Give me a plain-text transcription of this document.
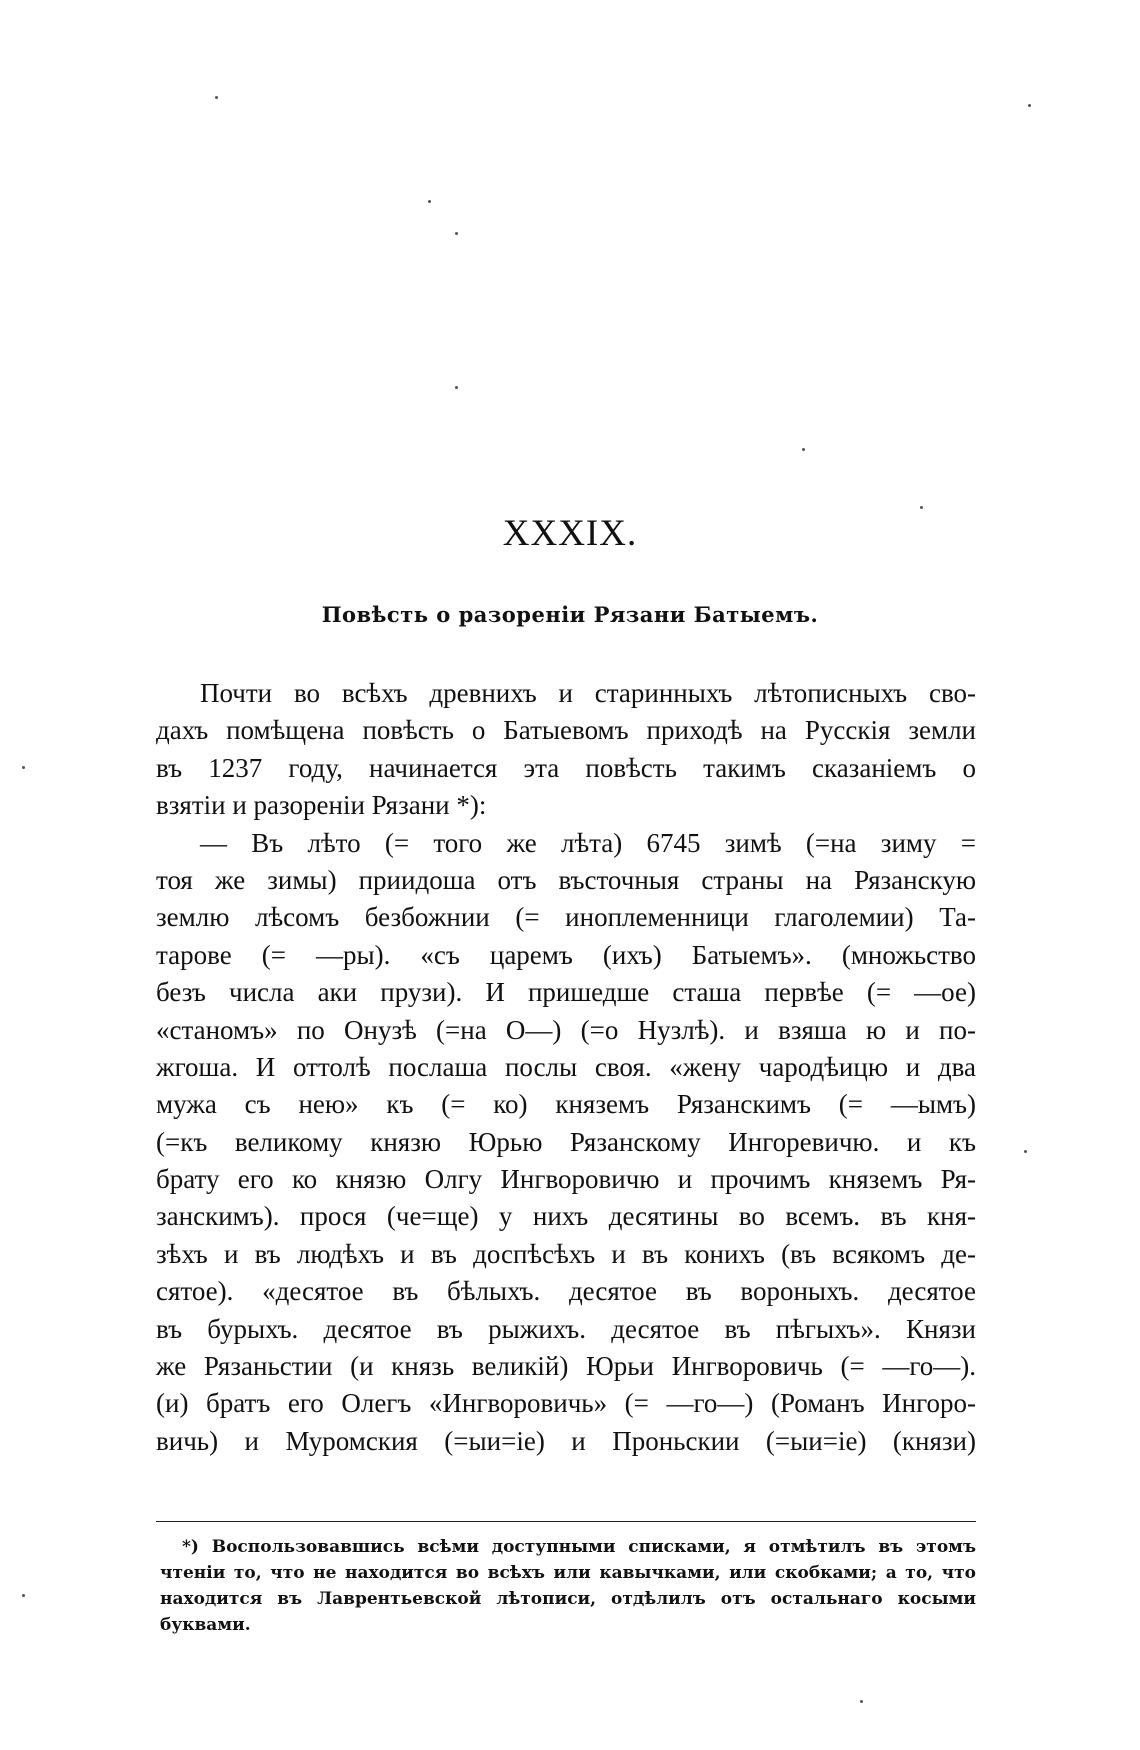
XXXIX.
Повѣсть о разореніи Рязани Батыемъ.
Почти во всѣхъ древнихъ и старинныхъ лѣтописныхъ сво-
дахъ помѣщена повѣсть о Батыевомъ приходѣ на Русскія земли
въ 1237 году, начинается эта повѣсть такимъ сказаніемъ о
взятіи и разореніи Рязани *):
— Въ лѣто (= того же лѣта) 6745 зимѣ (=на зиму =
тоя же зимы) приидоша отъ въсточныя страны на Рязанскую
землю лѣсомъ безбожнии (= иноплеменници глаголемии) Та-
тарове (= —ры). «съ царемъ (ихъ) Батыемъ». (множьство
безъ числа аки прузи). И пришедше сташа первѣе (= —ое)
«станомъ» по Онузѣ (=на О—) (=о Нузлѣ). и взяша ю и по-
жгоша. И оттолѣ послаша послы своя. «жену чародѣицю и два
мужа съ нею» къ (= ко) княземъ Рязанскимъ (= —ымъ)
(=къ великому князю Юрью Рязанскому Ингоревичю. и къ
брату его ко князю Олгу Ингворовичю и прочимъ княземъ Ря-
занскимъ). прося (че=ще) у нихъ десятины во всемъ. въ кня-
зѣхъ и въ людѣхъ и въ доспѣсѣхъ и въ конихъ (въ всякомъ де-
сятое). «десятое въ бѣлыхъ. десятое въ вороныхъ. десятое
въ бурыхъ. десятое въ рыжихъ. десятое въ пѣгыхъ». Князи
же Рязаньстии (и князь великій) Юрьи Ингворовичь (= —го—).
(и) братъ его Олегъ «Ингворовичь» (= —го—) (Романъ Ингоро-
вичь) и Муромския (=ыи=іе) и Проньскии (=ыи=іе) (князи)
*) Воспользовавшись всѣми доступными списками, я отмѣтилъ въ этомъ
чтеніи то, что не находится во всѣхъ или кавычками, или скобками; а то, что
находится въ Лаврентьевской лѣтописи, отдѣлилъ отъ остальнаго косыми
буквами.
